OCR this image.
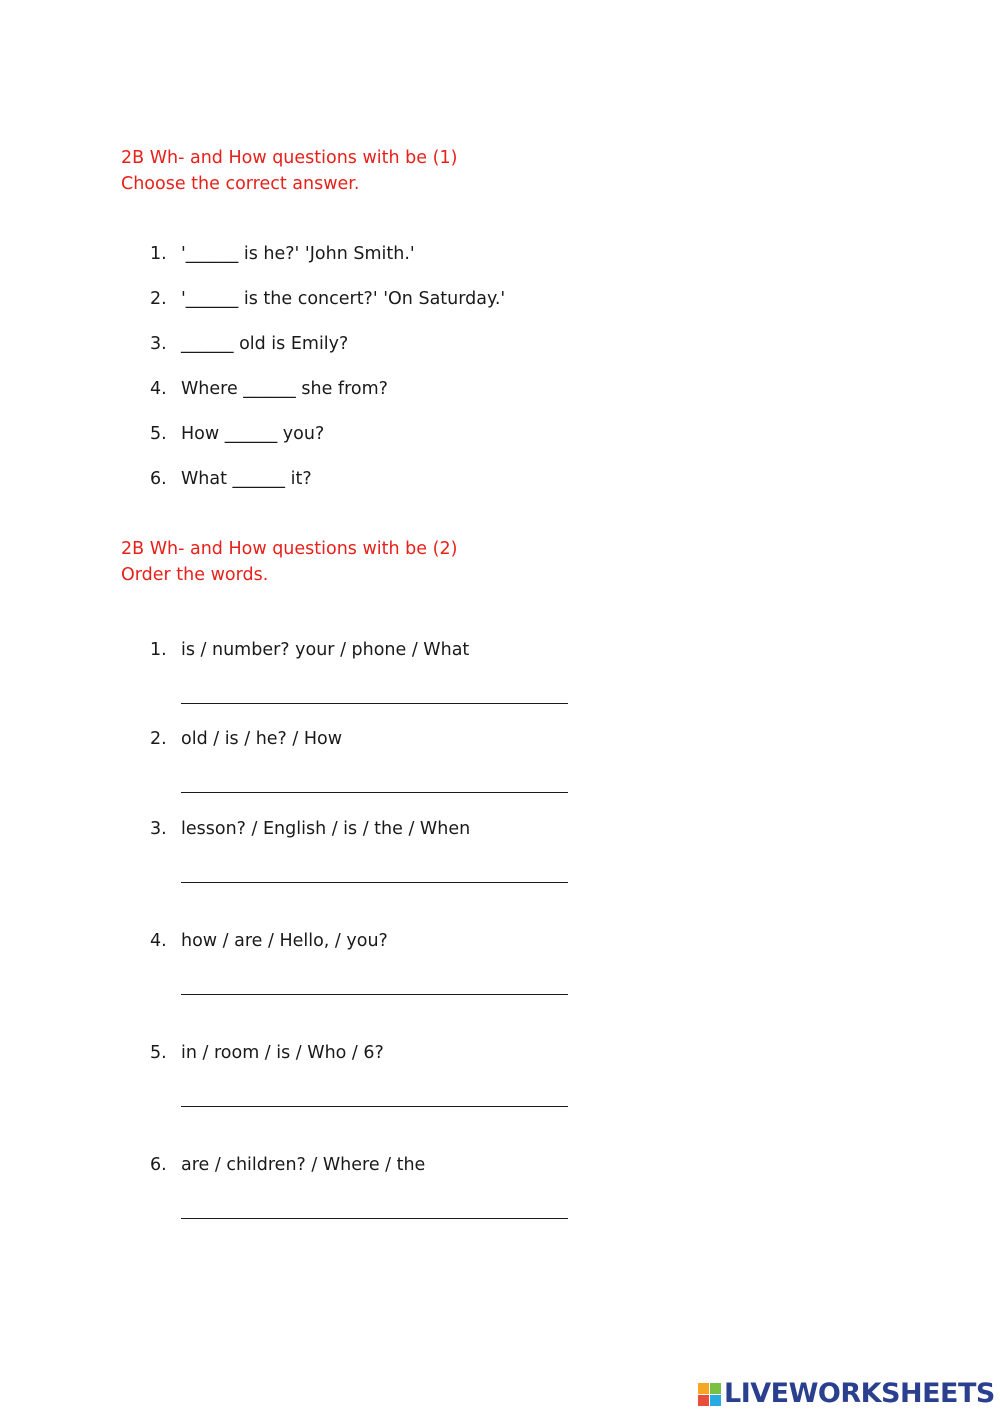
2B Wh- and How questions with be (1)
Choose the correct answer.
1. '______ is he?' 'John Smith.'
2. '______ is the concert?' 'On Saturday.'
3. ______ old is Emily?
4. Where ______ she from?
5. How ______ you?
6. What ______ it?
2B Wh- and How questions with be (2)
Order the words.
1. is / number? your / phone / What
2. old / is / he? / How
3. lesson? / English / is / the / When
4. how / are / Hello, / you?
5. in / room / is / Who / 6?
6. are / children? / Where / the
LIVEWORKSHEETS
